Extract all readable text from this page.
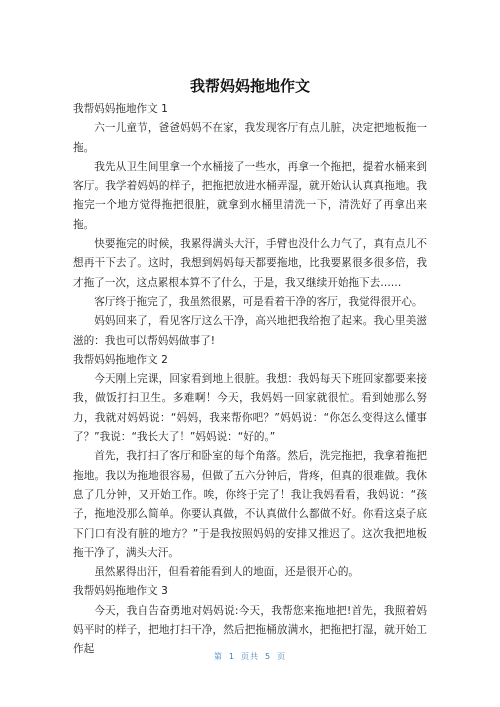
我帮妈妈拖地作文

我帮妈妈拖地作文 1

六一儿童节，爸爸妈妈不在家，我发现客厅有点儿脏，决定把地板拖一拖。

我先从卫生间里拿一个水桶接了一些水，再拿一个拖把，提着水桶来到客厅。我学着妈妈的样子，把拖把放进水桶弄湿，就开始认认真真拖地。我拖完一个地方觉得拖把很脏，就拿到水桶里清洗一下，清洗好了再拿出来拖。

快要拖完的时候，我累得满头大汗，手臂也没什么力气了，真有点儿不想再干下去了。这时，我想到妈妈每天都要拖地，比我要累很多很多倍，我才拖了一次，这点累根本算不了什么，于是，我又继续开始拖下去……

客厅终于拖完了，我虽然很累，可是看着干净的客厅，我觉得很开心。

妈妈回来了，看见客厅这么干净，高兴地把我给抱了起来。我心里美滋滋的：我也可以帮妈妈做事了!

我帮妈妈拖地作文 2

今天刚上完课，回家看到地上很脏。我想：我妈每天下班回家都要来接我，做饭打扫卫生。多难啊！今天，我妈妈一回家就很忙。看到她那么努力，我就对妈妈说：“妈妈，我来帮你吧？”妈妈说：“你怎么变得这么懂事了？”我说：“我长大了！”妈妈说：“好的。”

首先，我打扫了客厅和卧室的每个角落。然后，洗完拖把，我拿着拖把拖地。我以为拖地很容易，但做了五六分钟后，背疼，但真的很难做。我休息了几分钟，又开始工作。唉，你终于完了！我让我妈看看，我妈说：“孩子，拖地没那么简单。你要认真做，不认真做什么都做不好。你看这桌子底下门口有没有脏的地方？”于是我按照妈妈的安排又推迟了。这次我把地板拖干净了，满头大汗。

虽然累得出汗，但看着能看到人的地面，还是很开心的。

我帮妈妈拖地作文 3

今天，我自告奋勇地对妈妈说:今天，我帮您来拖地把!首先，我照着妈妈平时的样子，把地打扫干净，然后把拖桶放满水，把拖把打湿，就开始工作起

第 1 页共 5 页
